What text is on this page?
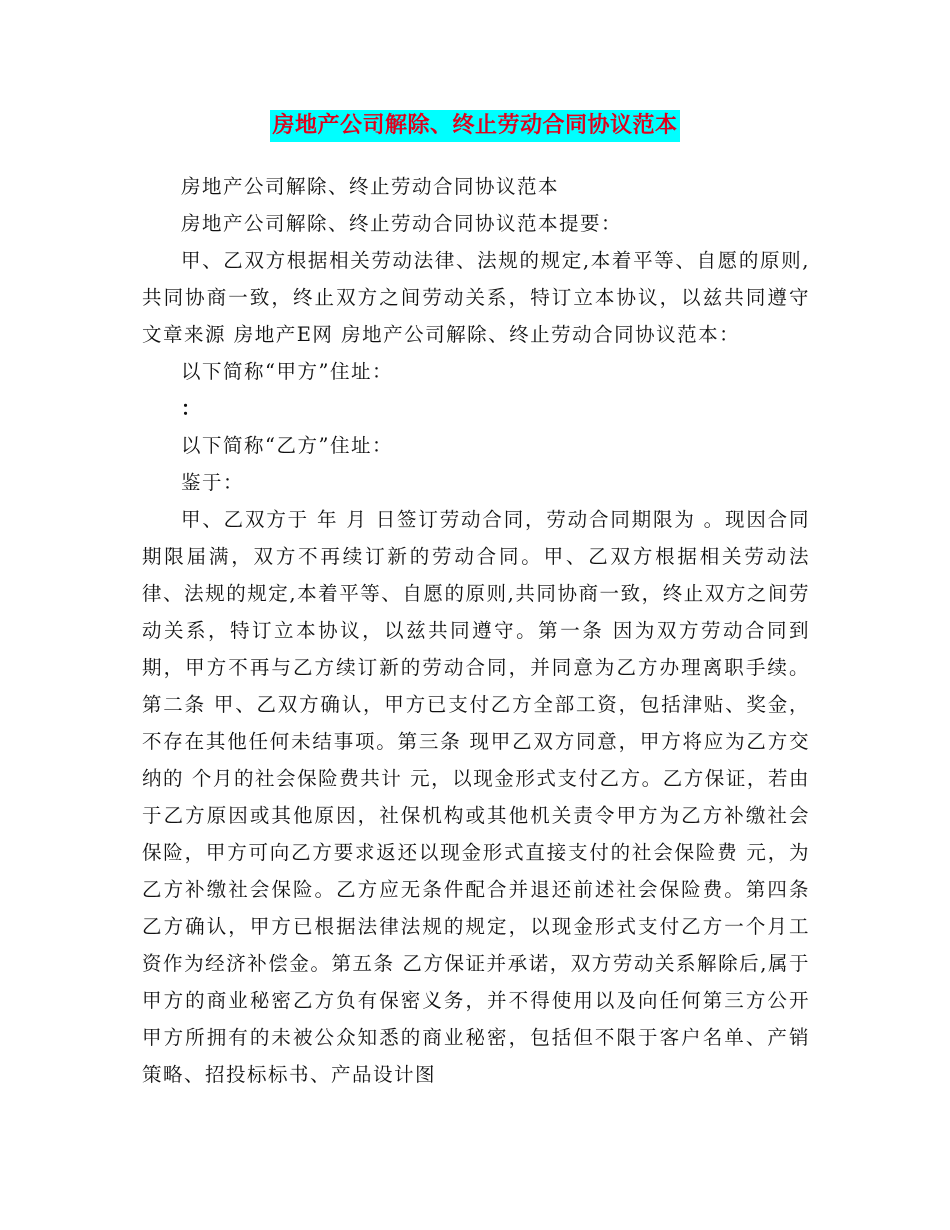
房地产公司解除、终止劳动合同协议范本

房地产公司解除、终止劳动合同协议范本

房地产公司解除、终止劳动合同协议范本提要：

甲、乙双方根据相关劳动法律、法规的规定,本着平等、自愿的原则,共同协商一致，终止双方之间劳动关系，特订立本协议，以兹共同遵守文章来源 房地产E网 房地产公司解除、终止劳动合同协议范本：

以下简称“甲方”住址：

：

以下简称“乙方”住址：

鉴于：

甲、乙双方于 年 月 日签订劳动合同，劳动合同期限为 。现因合同期限届满，双方不再续订新的劳动合同。甲、乙双方根据相关劳动法律、法规的规定,本着平等、自愿的原则,共同协商一致，终止双方之间劳动关系，特订立本协议，以兹共同遵守。第一条 因为双方劳动合同到期，甲方不再与乙方续订新的劳动合同，并同意为乙方办理离职手续。第二条 甲、乙双方确认，甲方已支付乙方全部工资，包括津贴、奖金，不存在其他任何未结事项。第三条 现甲乙双方同意，甲方将应为乙方交纳的 个月的社会保险费共计 元，以现金形式支付乙方。乙方保证，若由于乙方原因或其他原因，社保机构或其他机关责令甲方为乙方补缴社会保险，甲方可向乙方要求返还以现金形式直接支付的社会保险费 元，为乙方补缴社会保险。乙方应无条件配合并退还前述社会保险费。第四条 乙方确认，甲方已根据法律法规的规定，以现金形式支付乙方一个月工资作为经济补偿金。第五条 乙方保证并承诺，双方劳动关系解除后,属于甲方的商业秘密乙方负有保密义务，并不得使用以及向任何第三方公开甲方所拥有的未被公众知悉的商业秘密，包括但不限于客户名单、产销策略、招投标标书、产品设计图
